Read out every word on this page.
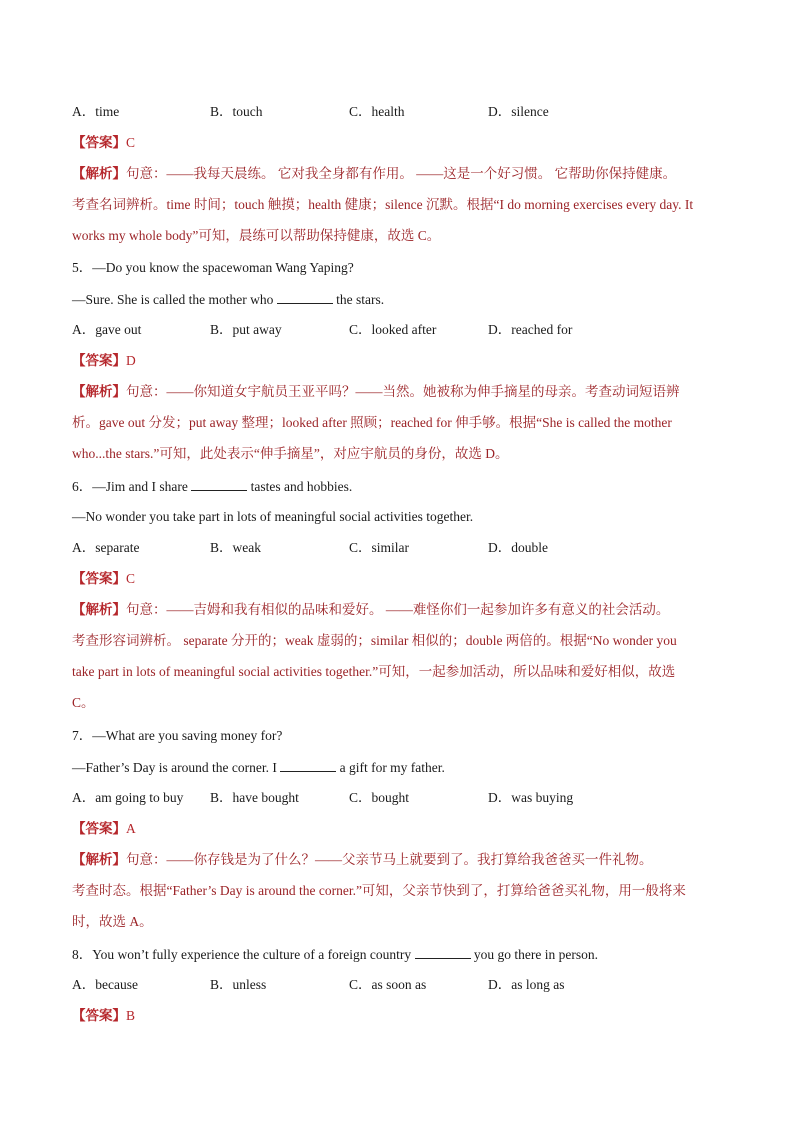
A．time	B．touch	C．health	D．silence
【答案】C
【解析】句意：——我每天晨练。 它对我全身都有作用。 ——这是一个好习惯。 它帮助你保持健康。
考查名词辨析。time 时间；touch 触摸；health 健康；silence 沉默。根据“I do morning exercises every day. It
works my whole body”可知，晨练可以帮助保持健康，故选 C。
5．—Do you know the spacewoman Wang Yaping?
—Sure. She is called the mother who	the stars.
A．gave out	B．put away	C．looked after	D．reached for
【答案】D
【解析】句意：——你知道女宇航员王亚平吗？——当然。她被称为伸手摘星的母亲。考查动词短语辨
析。gave out 分发；put away 整理；looked after 照顾；reached for 伸手够。根据“She is called the mother
who...the stars.”可知，此处表示“伸手摘星”，对应宇航员的身份，故选 D。
6．—Jim and I share	tastes and hobbies.
—No wonder you take part in lots of meaningful social activities together.
A．separate	B．weak	C．similar	D．double
【答案】C
【解析】句意：——吉姆和我有相似的品味和爱好。 ——难怪你们一起参加许多有意义的社会活动。
考查形容词辨析。 separate 分开的；weak 虚弱的；similar 相似的；double 两倍的。根据“No wonder you
take part in lots of meaningful social activities together.”可知，一起参加活动，所以品味和爱好相似，故选
C。
7．—What are you saving money for?
—Father’s Day is around the corner. I	a gift for my father.
A．am going to buy B．have bought	C．bought	D．was buying
【答案】A
【解析】句意：——你存钱是为了什么？——父亲节马上就要到了。我打算给我爸爸买一件礼物。
考查时态。根据“Father’s Day is around the corner.”可知，父亲节快到了，打算给爸爸买礼物，用一般将来
时，故选 A。
8．You won’t fully experience the culture of a foreign country	you go there in person.
A．because	B．unless	C．as soon as	D．as long as
【答案】B
